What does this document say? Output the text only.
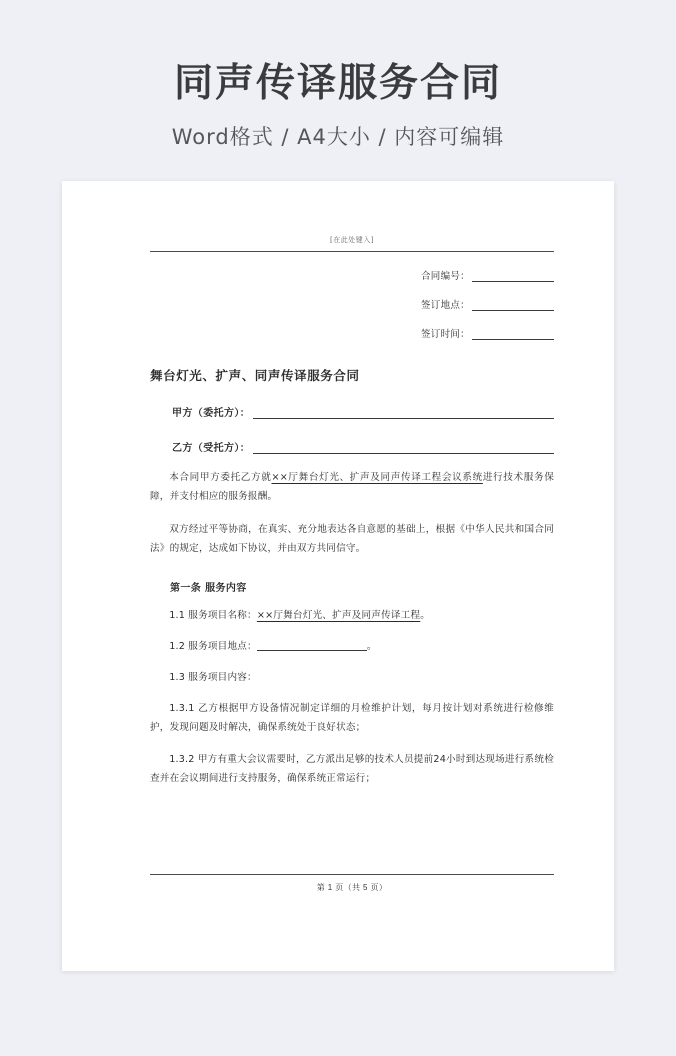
同声传译服务合同
Word格式 / A4大小 / 内容可编辑
[在此处键入]
合同编号：
签订地点：
签订时间：
舞台灯光、扩声、同声传译服务合同
甲方（委托方）：
乙方（受托方）：
本合同甲方委托乙方就××厅舞台灯光、扩声及同声传译工程会议系统进行技术服务保障，并支付相应的服务报酬。
双方经过平等协商，在真实、充分地表达各自意愿的基础上，根据《中华人民共和国合同法》的规定，达成如下协议，并由双方共同信守。
第一条 服务内容
1.1 服务项目名称：××厅舞台灯光、扩声及同声传译工程。
1.2 服务项目地点：	。
1.3 服务项目内容：
1.3.1 乙方根据甲方设备情况制定详细的月检维护计划，每月按计划对系统进行检修维护，发现问题及时解决，确保系统处于良好状态；
1.3.2 甲方有重大会议需要时，乙方派出足够的技术人员提前24小时到达现场进行系统检查并在会议期间进行支持服务，确保系统正常运行；
第 1 页（共 5 页）
